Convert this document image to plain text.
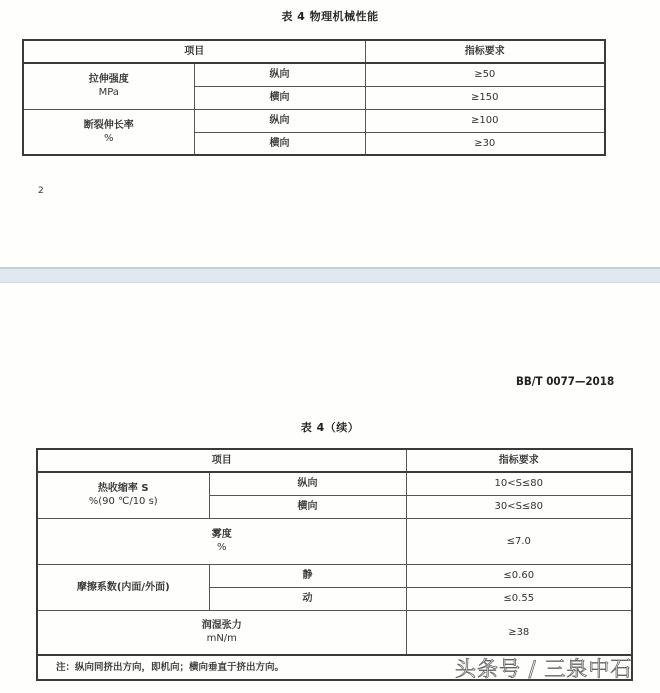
表 4 物理机械性能
项目		指标要求

拉伸强度
MPa	纵向	≥50
	横向	≥150

断裂伸长率
%	纵向	≥100
	横向	≥30
2
BB/T 0077—2018
表 4（续）
项目		指标要求

热收缩率 S
%(90 ℃/10 s)	纵向	10<S≤80
	横向	30<S≤80

雾度
%		≤7.0
摩擦系数(内面/外面)	静	≤0.60
	动	≤0.55

润湿张力
mN/m		≥38
注：纵向同挤出方向，即机向；横向垂直于挤出方向。			头条号 / 三泉中石
